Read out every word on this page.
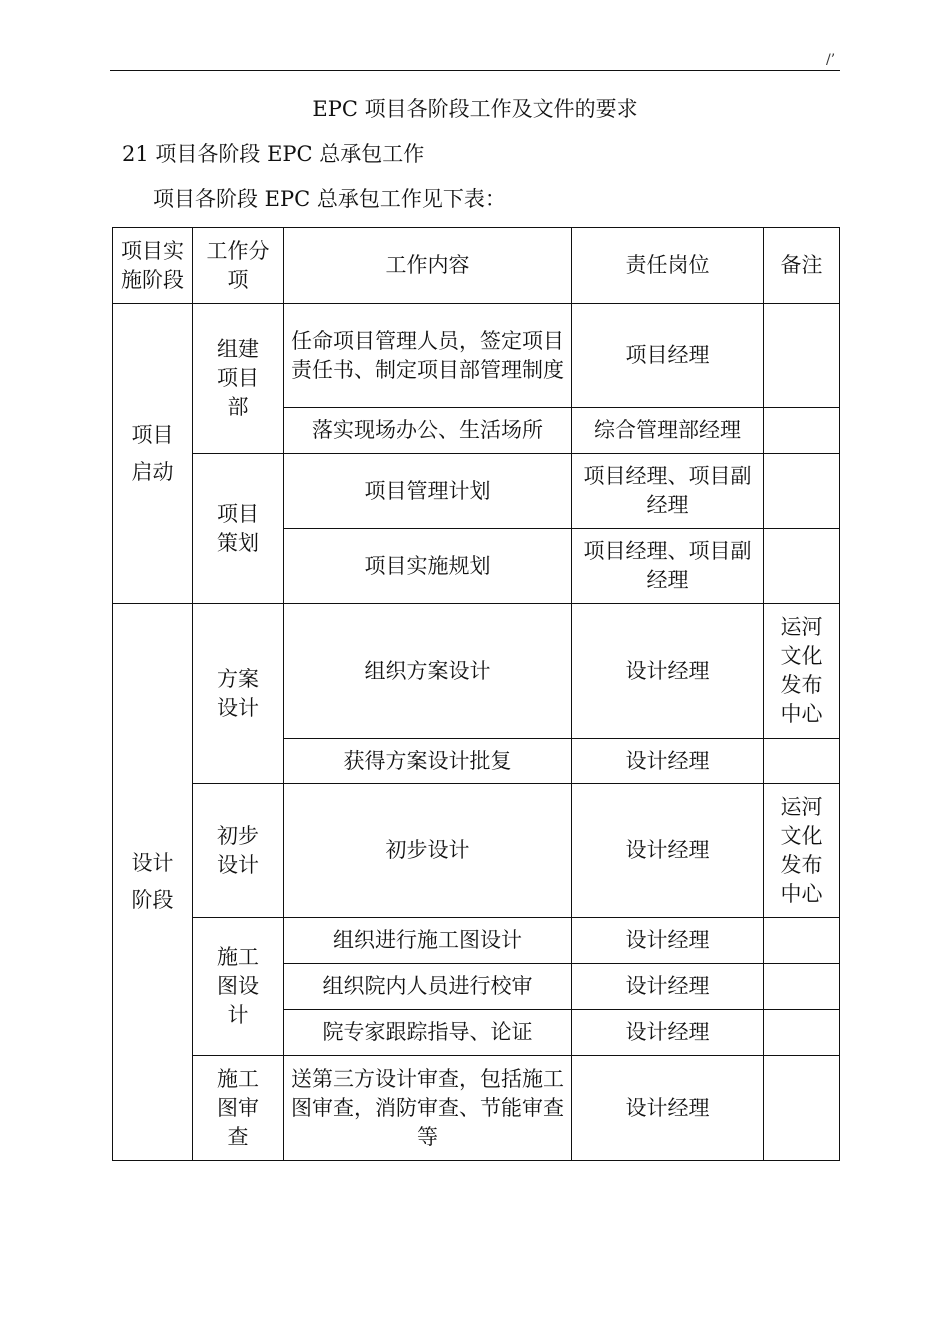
/’
EPC 项目各阶段工作及文件的要求
21 项目各阶段 EPC 总承包工作
项目各阶段 EPC 总承包工作见下表：
项目实施阶段	工作分项	工作内容	责任岗位	备注

项目启动	组建项目部	任命项目管理人员，签定项目责任书、制定项目部管理制度	项目经理	

		落实现场办公、生活场所	综合管理部经理	

	项目策划	项目管理计划	项目经理、项目副经理	

		项目实施规划	项目经理、项目副经理	

设计阶段	方案设计	组织方案设计	设计经理	运河文化发布中心

		获得方案设计批复	设计经理	

	初步设计	初步设计	设计经理	运河文化发布中心

	施工图设计	组织进行施工图设计	设计经理	

		组织院内人员进行校审	设计经理	

		院专家跟踪指导、论证	设计经理	

	施工图审查	送第三方设计审查，包括施工图审查，消防审查、节能审查等	设计经理	
